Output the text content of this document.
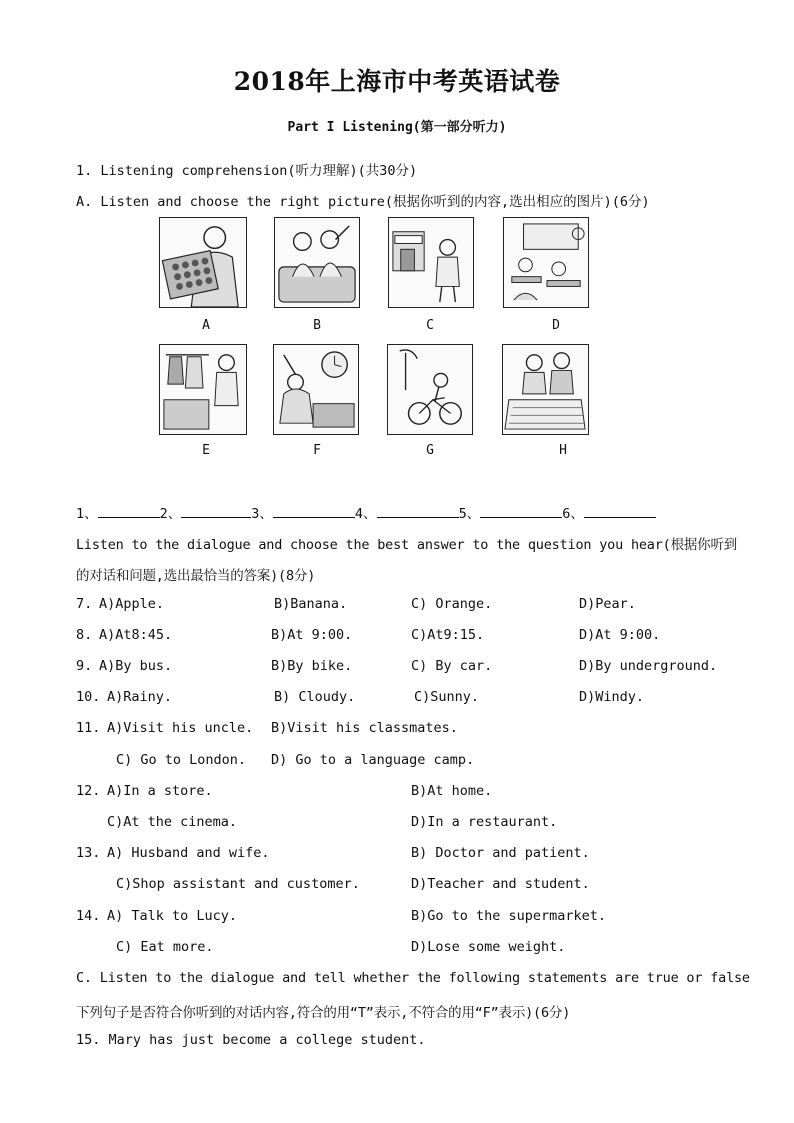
2018年上海市中考英语试卷
Part I Listening(第一部分听力)
1. Listening comprehension(听力理解)(共30分)
A. Listen and choose the right picture(根据你听到的内容,选出相应的图片)(6分)
A	B	C	D
E	F	G	H
1、	2、	3、	4、	5、	6、
Listen to the dialogue and choose the best answer to the question you hear(根据你听到
的对话和问题,选出最恰当的答案)(8分)
7. A)Apple.	B)Banana.	C) Orange.	D)Pear.
8. A)At8:45.	B)At 9:00.	C)At9:15.	D)At 9:00.
9. A)By bus.	B)By bike.	C) By car.	D)By underground.
10. A)Rainy.	B) Cloudy.	C)Sunny.	D)Windy.
11. A)Visit his uncle. B)Visit his classmates.
C) Go to London. D) Go to a language camp.
12. A)In a store.	B)At home.
C)At the cinema.	D)In a restaurant.
13. A) Husband and wife.	B) Doctor and patient.
C)Shop assistant and customer.	D)Teacher and student.
14. A) Talk to Lucy.	B)Go to the supermarket.
C) Eat more.	D)Lose some weight.
C. Listen to the dialogue and tell whether the following statements are true or false
下列句子是否符合你听到的对话内容,符合的用“T”表示,不符合的用“F”表示)(6分)
15. Mary has just become a college student.
